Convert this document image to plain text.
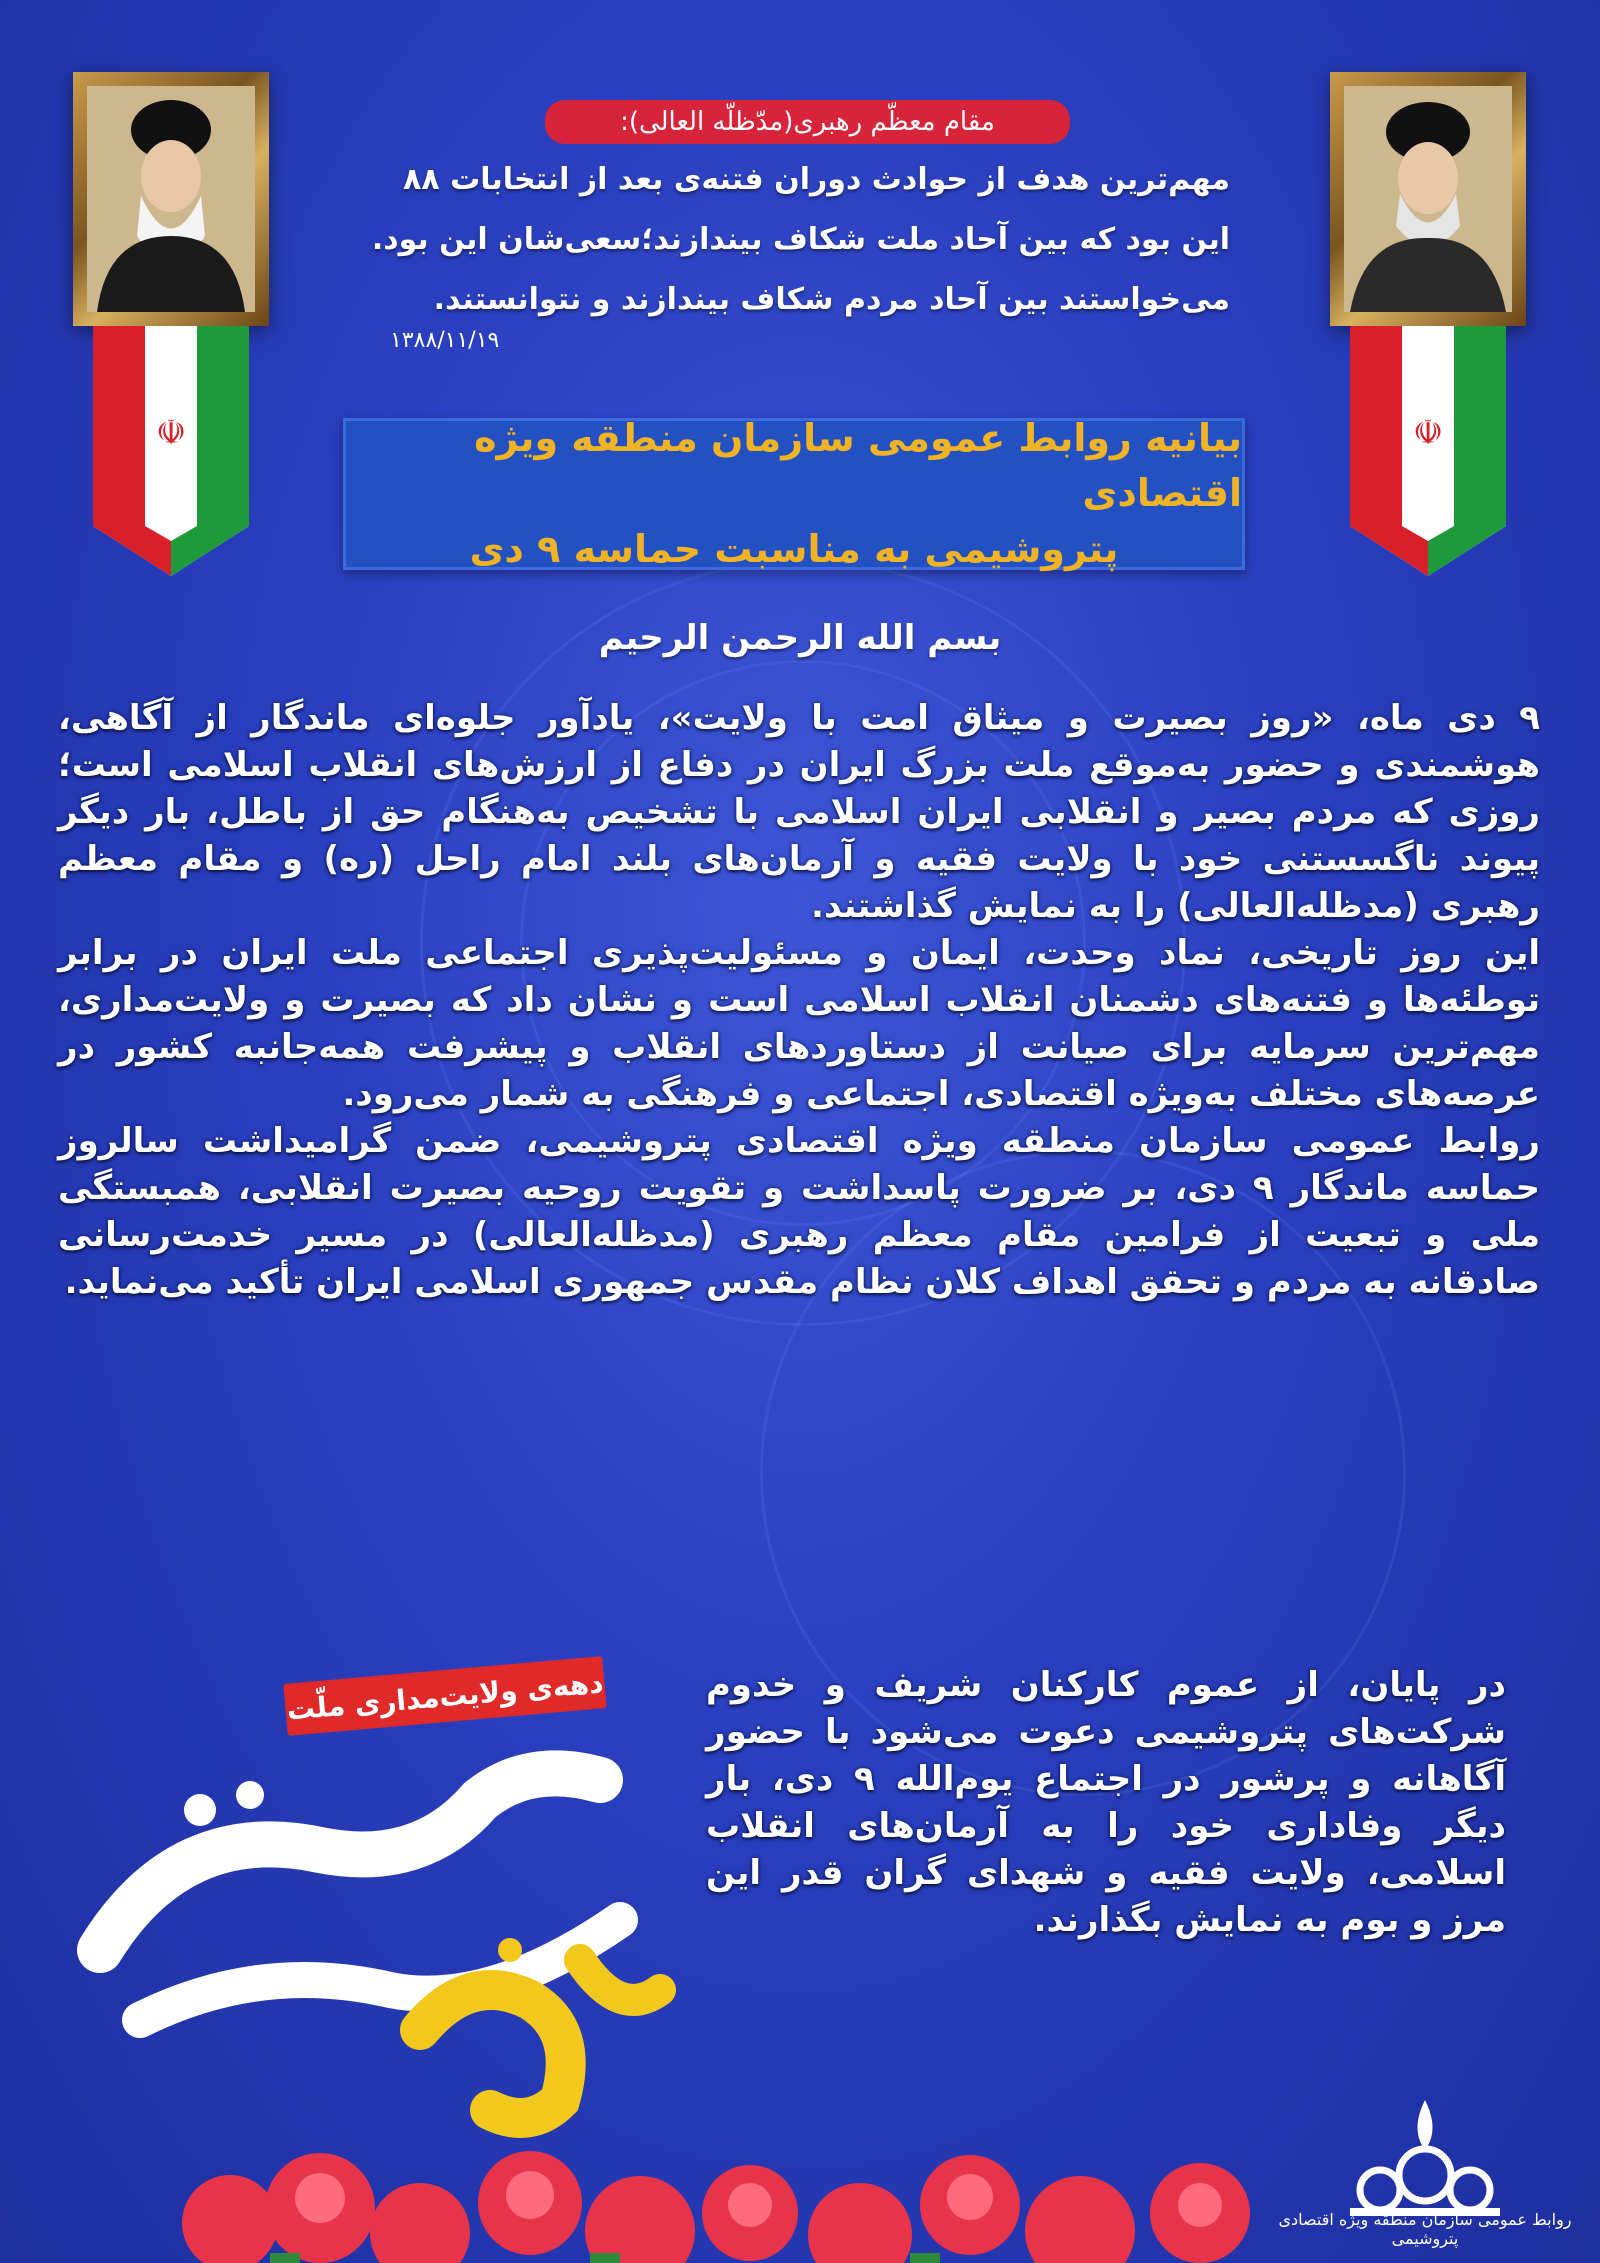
☫	☫
مقام معظّم رهبری(مدّظلّه العالی):
مهم‌ترین هدف از حوادث دوران فتنه‌ی بعد از انتخابات ۸۸
این بود که بین آحاد ملت شکاف بیندازند؛سعی‌شان این بود.
می‌خواستند بین آحاد مردم شکاف بیندازند و نتوانستند.
۱۳۸۸/۱۱/۱۹
بیانیه روابط عمومی سازمان منطقه ویژه اقتصادی
پتروشیمی به مناسبت حماسه ۹ دی
بسم الله الرحمن الرحیم

۹ دی ماه، «روز بصیرت و میثاق امت با ولایت»، یادآور جلوه‌ای ماندگار از آگاهی، هوشمندی و حضور به‌موقع ملت بزرگ ایران در دفاع از ارزش‌های انقلاب اسلامی است؛ روزی که مردم بصیر و انقلابی ایران اسلامی با تشخیص به‌هنگام حق از باطل، بار دیگر پیوند ناگسستنی خود با ولایت فقیه و آرمان‌های بلند امام راحل (ره) و مقام معظم رهبری (مدظله‌العالی) را به نمایش گذاشتند.

این روز تاریخی، نماد وحدت، ایمان و مسئولیت‌پذیری اجتماعی ملت ایران در برابر توطئه‌ها و فتنه‌های دشمنان انقلاب اسلامی است و نشان داد که بصیرت و ولایت‌مداری، مهم‌ترین سرمایه برای صیانت از دستاوردهای انقلاب و پیشرفت همه‌جانبه کشور در عرصه‌های مختلف به‌ویژه اقتصادی، اجتماعی و فرهنگی به شمار می‌رود.

روابط عمومی سازمان منطقه ویژه اقتصادی پتروشیمی، ضمن گرامیداشت سالروز حماسه ماندگار ۹ دی، بر ضرورت پاسداشت و تقویت روحیه بصیرت انقلابی، همبستگی ملی و تبعیت از فرامین مقام معظم رهبری (مدظله‌العالی) در مسیر خدمت‌رسانی صادقانه به مردم و تحقق اهداف کلان نظام مقدس جمهوری اسلامی ایران تأکید می‌نماید.

در پایان، از عموم کارکنان شریف و خدوم شرکت‌های پتروشیمی دعوت می‌شود با حضور آگاهانه و پرشور در اجتماع یوم‌الله ۹ دی، بار دیگر وفاداری خود را به آرمان‌های انقلاب اسلامی، ولایت فقیه و شهدای گران قدر این مرز و بوم به نمایش بگذارند.
دهه‌ی ولایت‌مداری ملّت
دهه بصیرت
روابط عمومی سازمان منطقه ویژه اقتصادی پتروشیمی
